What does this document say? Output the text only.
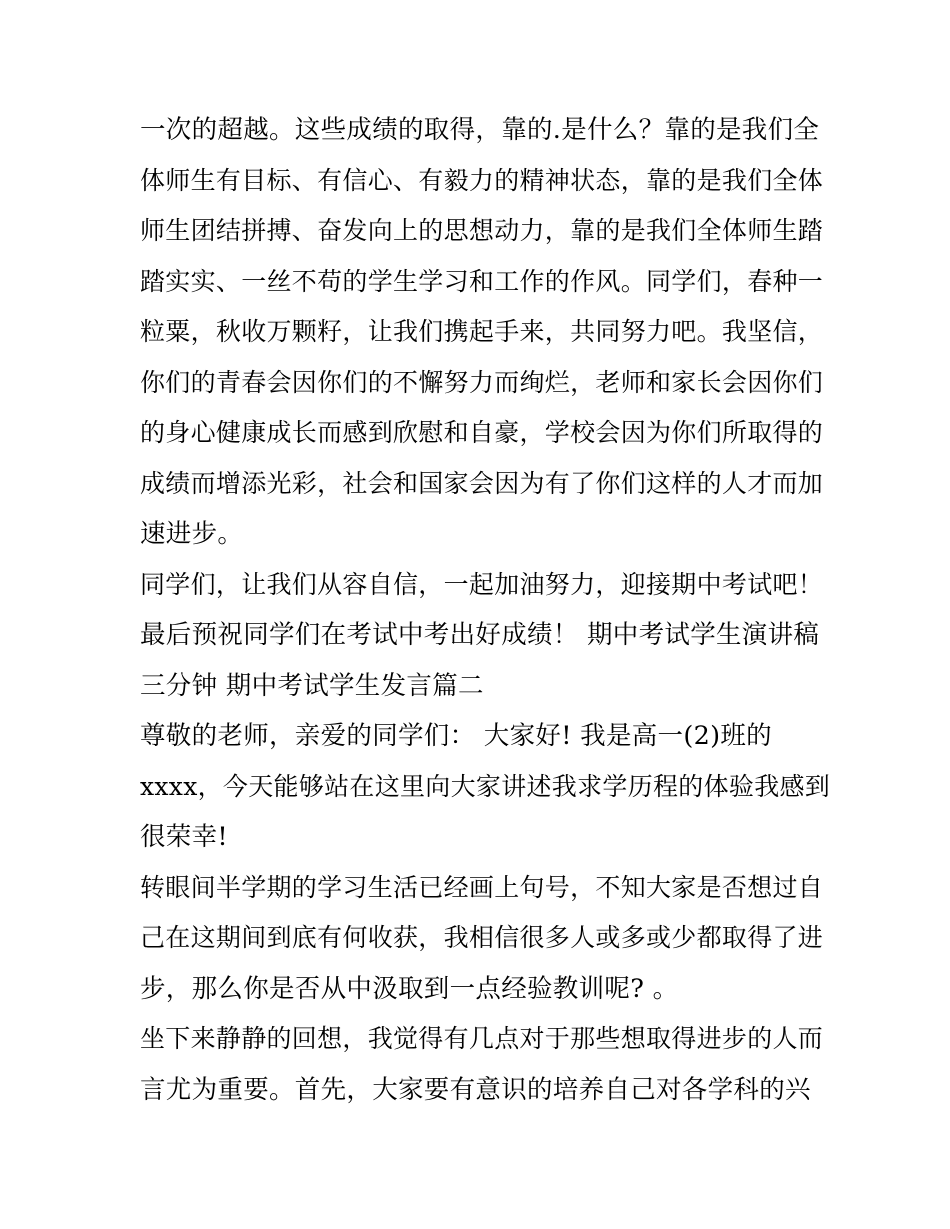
一次的超越。这些成绩的取得，靠的.是什么？靠的是我们全
体师生有目标、有信心、有毅力的精神状态，靠的是我们全体
师生团结拼搏、奋发向上的思想动力，靠的是我们全体师生踏
踏实实、一丝不苟的学生学习和工作的作风。同学们，春种一
粒粟，秋收万颗籽，让我们携起手来，共同努力吧。我坚信，
你们的青春会因你们的不懈努力而绚烂，老师和家长会因你们
的身心健康成长而感到欣慰和自豪，学校会因为你们所取得的
成绩而增添光彩，社会和国家会因为有了你们这样的人才而加
速进步。
同学们，让我们从容自信，一起加油努力，迎接期中考试吧！
最后预祝同学们在考试中考出好成绩！ 期中考试学生演讲稿
三分钟 期中考试学生发言篇二
尊敬的老师，亲爱的同学们： 大家好! 我是高一(2)班的
xxxx，今天能够站在这里向大家讲述我求学历程的体验我感到
很荣幸!
转眼间半学期的学习生活已经画上句号，不知大家是否想过自
己在这期间到底有何收获，我相信很多人或多或少都取得了进
步，那么你是否从中汲取到一点经验教训呢? 。
坐下来静静的回想，我觉得有几点对于那些想取得进步的人而
言尤为重要。首先，大家要有意识的培养自己对各学科的兴
